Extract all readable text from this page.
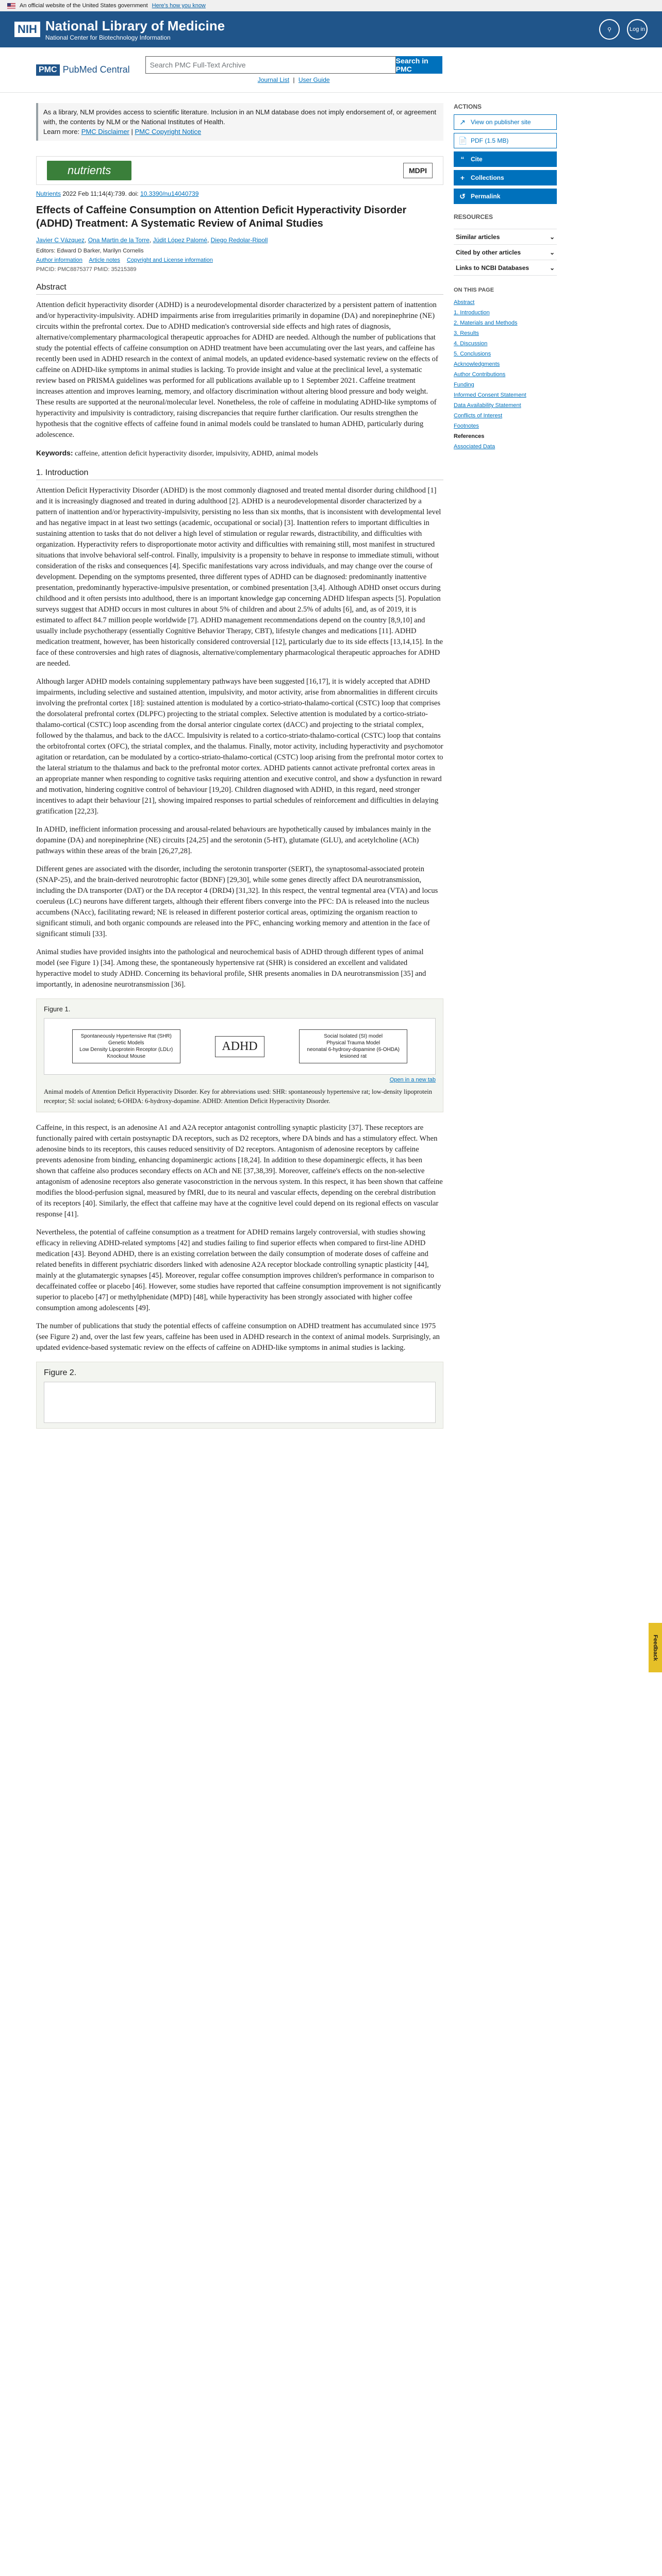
An official website of the United States government Here's how you know
NIH National Library of Medicine
National Center for Biotechnology Information
⚲	Log in
PMC PubMed Central	Search PMC Full-Text Archive	Search in PMC
Journal List | User Guide
As a library, NLM provides access to scientific literature. Inclusion in an NLM database does not imply endorsement of, or agreement with, the contents by NLM or the National Institutes of Health.
Learn more: PMC Disclaimer | PMC Copyright Notice
nutrients	MDPI
Nutrients 2022 Feb 11;14(4):739. doi: 10.3390/nu14040739
Effects of Caffeine Consumption on Attention Deficit Hyperactivity Disorder (ADHD) Treatment: A Systematic Review of Animal Studies
Javier C Vázquez, Ona Martin de la Torre, Júdit López Palomé, Diego Redolar-Ripoll
Editors: Edward D Barker, Marilyn Cornelis
Author information Article notes Copyright and License information
PMCID: PMC8875377 PMID: 35215389
Abstract

Attention deficit hyperactivity disorder (ADHD) is a neurodevelopmental disorder characterized by a persistent pattern of inattention and/or hyperactivity-impulsivity. ADHD impairments arise from irregularities primarily in dopamine (DA) and norepinephrine (NE) circuits within the prefrontal cortex. Due to ADHD medication's controversial side effects and high rates of diagnosis, alternative/complementary pharmacological therapeutic approaches for ADHD are needed. Although the number of publications that study the potential effects of caffeine consumption on ADHD treatment have been accumulating over the last years, and caffeine has recently been used in ADHD research in the context of animal models, an updated evidence-based systematic review on the effects of caffeine on ADHD-like symptoms in animal studies is lacking. To provide insight and value at the preclinical level, a systematic review based on PRISMA guidelines was performed for all publications available up to 1 September 2021. Caffeine treatment increases attention and improves learning, memory, and olfactory discrimination without altering blood pressure and body weight. These results are supported at the neuronal/molecular level. Nonetheless, the role of caffeine in modulating ADHD-like symptoms of hyperactivity and impulsivity is contradictory, raising discrepancies that require further clarification. Our results strengthen the hypothesis that the cognitive effects of caffeine found in animal models could be translated to human ADHD, particularly during adolescence.

Keywords: caffeine, attention deficit hyperactivity disorder, impulsivity, ADHD, animal models
1. Introduction

Attention Deficit Hyperactivity Disorder (ADHD) is the most commonly diagnosed and treated mental disorder during childhood [1] and it is increasingly diagnosed and treated in during adulthood [2]. ADHD is a neurodevelopmental disorder characterized by a pattern of inattention and/or hyperactivity-impulsivity, persisting no less than six months, that is inconsistent with developmental level and has negative impact in at least two settings (academic, occupational or social) [3]. Inattention refers to important difficulties in sustaining attention to tasks that do not deliver a high level of stimulation or regular rewards, distractibility, and difficulties with organization. Hyperactivity refers to disproportionate motor activity and difficulties with remaining still, most manifest in structured situations that involve behavioral self-control. Finally, impulsivity is a propensity to behave in response to immediate stimuli, without consideration of the risks and consequences [4]. Specific manifestations vary across individuals, and may change over the course of development. Depending on the symptoms presented, three different types of ADHD can be diagnosed: predominantly inattentive presentation, predominantly hyperactive-impulsive presentation, or combined presentation [3,4]. Although ADHD onset occurs during childhood and it often persists into adulthood, there is an important knowledge gap concerning ADHD lifespan aspects [5]. Population surveys suggest that ADHD occurs in most cultures in about 5% of children and about 2.5% of adults [6], and, as of 2019, it is estimated to affect 84.7 million people worldwide [7]. ADHD management recommendations depend on the country [8,9,10] and usually include psychotherapy (essentially Cognitive Behavior Therapy, CBT), lifestyle changes and medications [11]. ADHD medication treatment, however, has been historically considered controversial [12], particularly due to its side effects [13,14,15]. In the face of these controversies and high rates of diagnosis, alternative/complementary pharmacological therapeutic approaches for ADHD are needed.

Although larger ADHD models containing supplementary pathways have been suggested [16,17], it is widely accepted that ADHD impairments, including selective and sustained attention, impulsivity, and motor activity, arise from abnormalities in different circuits involving the prefrontal cortex [18]: sustained attention is modulated by a cortico-striato-thalamo-cortical (CSTC) loop that comprises the dorsolateral prefrontal cortex (DLPFC) projecting to the striatal complex. Selective attention is modulated by a cortico-striato-thalamo-cortical (CSTC) loop ascending from the dorsal anterior cingulate cortex (dACC) and projecting to the striatal complex, followed by the thalamus, and back to the dACC. Impulsivity is related to a cortico-striato-thalamo-cortical (CSTC) loop that contains the orbitofrontal cortex (OFC), the striatal complex, and the thalamus. Finally, motor activity, including hyperactivity and psychomotor agitation or retardation, can be modulated by a cortico-striato-thalamo-cortical (CSTC) loop arising from the prefrontal motor cortex to the lateral striatum to the thalamus and back to the prefrontal motor cortex. ADHD patients cannot activate prefrontal cortex areas in an appropriate manner when responding to cognitive tasks requiring attention and executive control, and show a dysfunction in reward and motivation, hindering cognitive control of behaviour [19,20]. Children diagnosed with ADHD, in this regard, need stronger incentives to adapt their behaviour [21], showing impaired responses to partial schedules of reinforcement and difficulties in delaying gratification [22,23].

In ADHD, inefficient information processing and arousal-related behaviours are hypothetically caused by imbalances mainly in the dopamine (DA) and norepinephrine (NE) circuits [24,25] and the serotonin (5-HT), glutamate (GLU), and acetylcholine (ACh) pathways within these areas of the brain [26,27,28].

Different genes are associated with the disorder, including the serotonin transporter (SERT), the synaptosomal-associated protein (SNAP-25), and the brain-derived neurotrophic factor (BDNF) [29,30], while some genes directly affect DA neurotransmission, including the DA transporter (DAT) or the DA receptor 4 (DRD4) [31,32]. In this respect, the ventral tegmental area (VTA) and locus coeruleus (LC) neurons have different targets, although their efferent fibers converge into the PFC: DA is released into the nucleus accumbens (NAcc), facilitating reward; NE is released in different posterior cortical areas, optimizing the organism reaction to significant stimuli, and both organic compounds are released into the PFC, enhancing working memory and attention in the face of significant stimuli [33].

Animal studies have provided insights into the pathological and neurochemical basis of ADHD through different types of animal model (see Figure 1) [34]. Among these, the spontaneously hypertensive rat (SHR) is considered an excellent and validated hyperactive model to study ADHD. Concerning its behavioral profile, SHR presents anomalies in DA neurotransmission [35] and importantly, in adenosine neurotransmission [36].

Figure 1.
Spontaneously Hypertensive Rat (SHR)
Genetic Models
Low Density Lipoprotein Receptor (LDLr) Knockout Mouse
ADHD
Social Isolated (SI) model
Physical Trauma Model
neonatal 6-hydroxy-dopamine (6-OHDA) lesioned rat
Open in a new tab
Animal models of Attention Deficit Hyperactivity Disorder. Key for abbreviations used: SHR: spontaneously hypertensive rat; low-density lipoprotein receptor; SI: social isolated; 6-OHDA: 6-hydroxy-dopamine. ADHD: Attention Deficit Hyperactivity Disorder.

Caffeine, in this respect, is an adenosine A1 and A2A receptor antagonist controlling synaptic plasticity [37]. These receptors are functionally paired with certain postsynaptic DA receptors, such as D2 receptors, where DA binds and has a stimulatory effect. When adenosine binds to its receptors, this causes reduced sensitivity of D2 receptors. Antagonism of adenosine receptors by caffeine prevents adenosine from binding, enhancing dopaminergic actions [18,24]. In addition to these dopaminergic effects, it has been shown that caffeine also produces secondary effects on ACh and NE [37,38,39]. Moreover, caffeine's effects on the non-selective antagonism of adenosine receptors also generate vasoconstriction in the nervous system. In this respect, it has been shown that caffeine modifies the blood-perfusion signal, measured by fMRI, due to its neural and vascular effects, depending on the cerebral distribution of its receptors [40]. Similarly, the effect that caffeine may have at the cognitive level could depend on its regional effects on vascular response [41].

Nevertheless, the potential of caffeine consumption as a treatment for ADHD remains largely controversial, with studies showing efficacy in relieving ADHD-related symptoms [42] and studies failing to find superior effects when compared to first-line ADHD medication [43]. Beyond ADHD, there is an existing correlation between the daily consumption of moderate doses of caffeine and related benefits in different psychiatric disorders linked with adenosine A2A receptor blockade controlling synaptic plasticity [44], mainly at the glutamatergic synapses [45]. Moreover, regular coffee consumption improves children's performance in comparison to decaffeinated coffee or placebo [46]. However, some studies have reported that caffeine consumption improvement is not significantly superior to placebo [47] or methylphenidate (MPD) [48], while hyperactivity has been strongly associated with higher coffee consumption among adolescents [49].

The number of publications that study the potential effects of caffeine consumption on ADHD treatment has accumulated since 1975 (see Figure 2) and, over the last few years, caffeine has been used in ADHD research in the context of animal models. Surprisingly, an updated evidence-based systematic review on the effects of caffeine on ADHD-like symptoms in animal studies is lacking.

Figure 2.
ACTIONS
↗ View on publisher site
📄 PDF (1.5 MB)
“	Cite
+ Collections
↺ Permalink
RESOURCES
Similar articles	⌄
Cited by other articles	⌄
Links to NCBI Databases	⌄
ON THIS PAGE
Abstract
1. Introduction
2. Materials and Methods
3. Results
4. Discussion
5. Conclusions
Acknowledgments
Author Contributions
Funding
Informed Consent Statement
Data Availability Statement
Conflicts of Interest
Footnotes
References
Associated Data
Feedback
